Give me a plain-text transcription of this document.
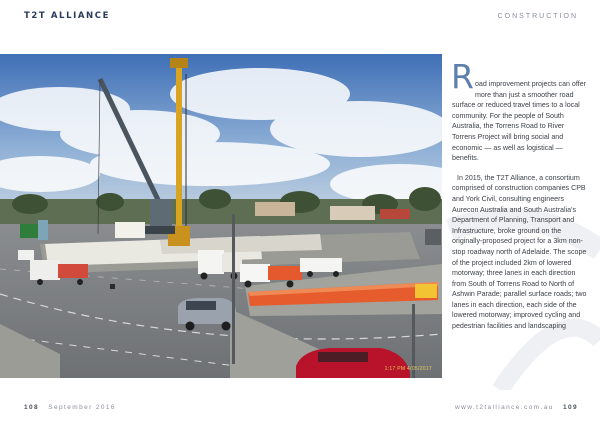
T2T ALLIANCE	CONSTRUCTION
1:17 PM 4/05/2017

R oad improvement projects can offer more than just a smoother road surface or reduced travel times to a local community. For the people of South Australia, the Torrens Road to River Torrens Project will bring social and economic — as well as logistical — benefits.

In 2015, the T2T Alliance, a consortium comprised of construction companies CPB and York Civil, consulting engineers Aurecon Australia and South Australia's Department of Planning, Transport and Infrastructure, broke ground on the originally-proposed project for a 3km non-stop roadway north of Adelaide. The scope of the project included 2km of lowered motorway; three lanes in each direction from South of Torrens Road to North of Ashwin Parade; parallel surface roads; two lanes in each direction, each side of the lowered motorway; improved cycling and pedestrian facilities and landscaping

108 September 2016	www.t2talliance.com.au 109
